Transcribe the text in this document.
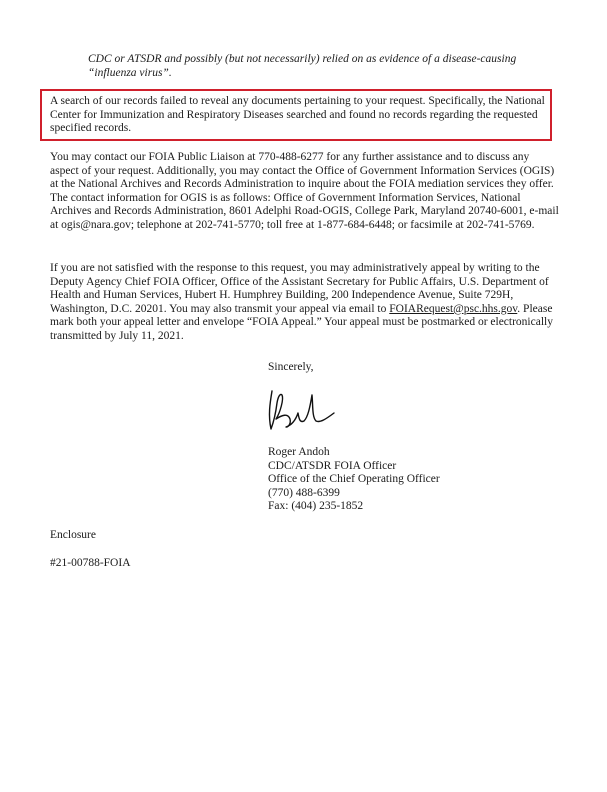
CDC or ATSDR and possibly (but not necessarily) relied on as evidence of a disease-causing “influenza virus”.
A search of our records failed to reveal any documents pertaining to your request. Specifically, the National Center for Immunization and Respiratory Diseases searched and found no records regarding the requested specified records.
You may contact our FOIA Public Liaison at 770-488-6277 for any further assistance and to discuss any aspect of your request. Additionally, you may contact the Office of Government Information Services (OGIS) at the National Archives and Records Administration to inquire about the FOIA mediation services they offer. The contact information for OGIS is as follows: Office of Government Information Services, National Archives and Records Administration, 8601 Adelphi Road-OGIS, College Park, Maryland 20740-6001, e-mail at ogis@nara.gov; telephone at 202-741-5770; toll free at 1-877-684-6448; or facsimile at 202-741-5769.
If you are not satisfied with the response to this request, you may administratively appeal by writing to the Deputy Agency Chief FOIA Officer, Office of the Assistant Secretary for Public Affairs, U.S. Department of Health and Human Services, Hubert H. Humphrey Building, 200 Independence Avenue, Suite 729H, Washington, D.C. 20201. You may also transmit your appeal via email to FOIARequest@psc.hhs.gov. Please mark both your appeal letter and envelope “FOIA Appeal.” Your appeal must be postmarked or electronically transmitted by July 11, 2021.
Sincerely,
Roger Andoh
CDC/ATSDR FOIA Officer
Office of the Chief Operating Officer
(770) 488-6399
Fax: (404) 235-1852
Enclosure
#21-00788-FOIA
